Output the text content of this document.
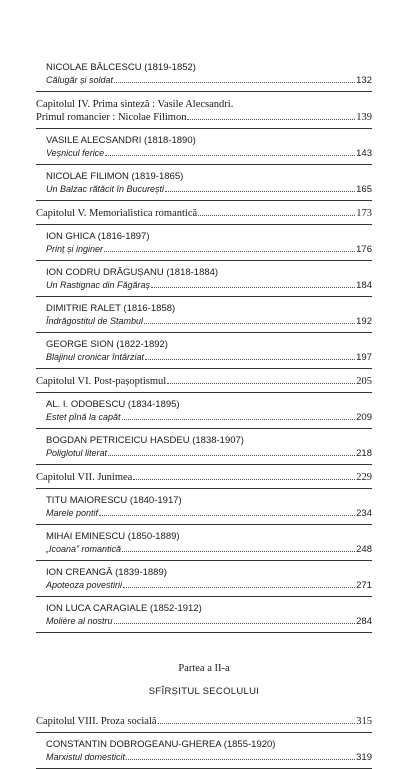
NICOLAE BĂLCESCU (1819-1852)
Călugăr și soldat	132
Capitolul IV. Prima sinteză : Vasile Alecsandri.
Primul romancier : Nicolae Filimon	139
VASILE ALECSANDRI (1818-1890)
Veșnicul ferice	143
NICOLAE FILIMON (1819-1865)
Un Balzac rătăcit în București	165
Capitolul V. Memorialistica romantică	173
ION GHICA (1816-1897)
Prinț și inginer	176
ION CODRU DRĂGUȘANU (1818-1884)
Un Rastignac din Făgăraș	184
DIMITRIE RALET (1816-1858)
Îndrăgostitul de Stambul	192
GEORGE SION (1822-1892)
Blajinul cronicar întârziat	197
Capitolul VI. Post-pașoptismul	205
AL. I. ODOBESCU (1834-1895)
Estet pînă la capăt	209
BOGDAN PETRICEICU HASDEU (1838-1907)
Poliglotul literat	218
Capitolul VII. Junimea	229
TITU MAIORESCU (1840-1917)
Marele pontif	234
MIHAI EMINESCU (1850-1889)
„Icoana” romantică	248
ION CREANGĂ (1839-1889)
Apoteoza povestirii	271
ION LUCA CARAGIALE (1852-1912)
Molière al nostru	284
Partea a II-a
SFÎRȘITUL SECOLULUI
Capitolul VIII. Proza socială	315
CONSTANTIN DOBROGEANU-GHEREA (1855-1920)
Marxistul domesticit	319
